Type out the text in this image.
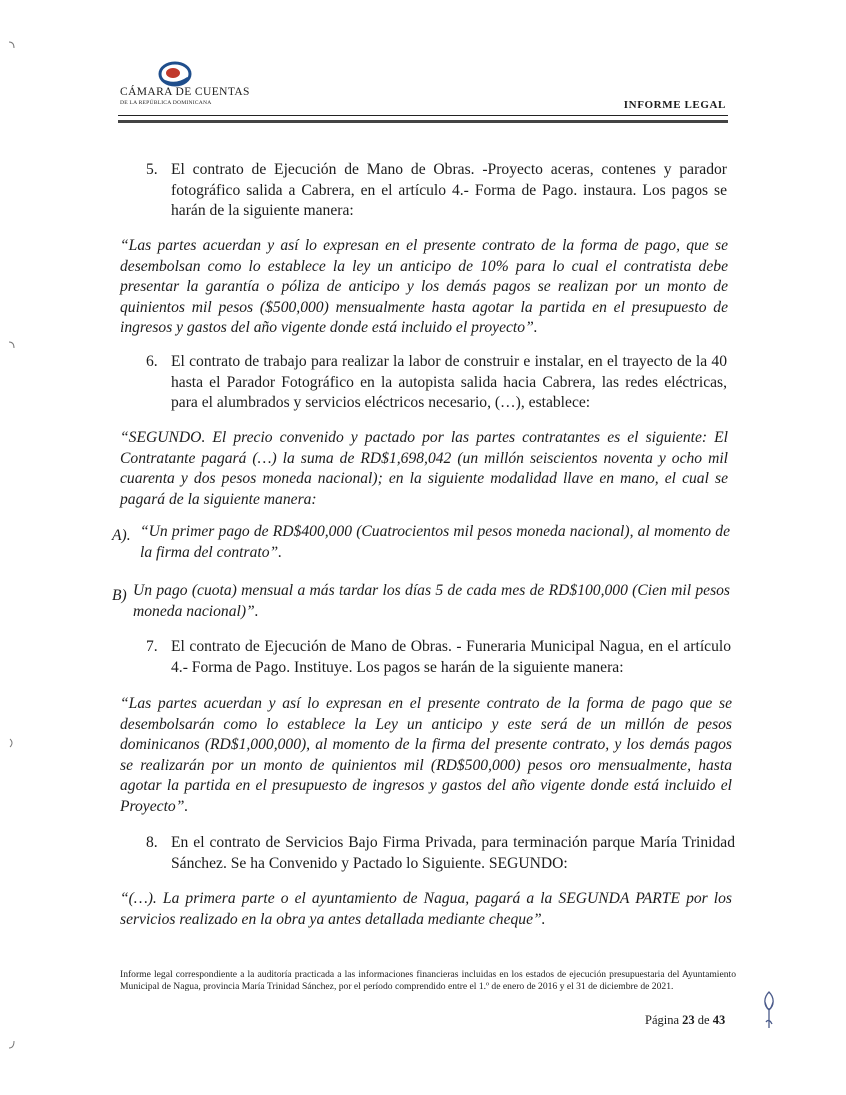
CÁMARA DE CUENTAS
DE LA REPÚBLICA DOMINICANA	INFORME LEGAL
5. El contrato de Ejecución de Mano de Obras. -Proyecto aceras, contenes y parador fotográfico salida a Cabrera, en el artículo 4.- Forma de Pago. instaura. Los pagos se harán de la siguiente manera:
“Las partes acuerdan y así lo expresan en el presente contrato de la forma de pago, que se desembolsan como lo establece la ley un anticipo de 10% para lo cual el contratista debe presentar la garantía o póliza de anticipo y los demás pagos se realizan por un monto de quinientos mil pesos ($500,000) mensualmente hasta agotar la partida en el presupuesto de ingresos y gastos del año vigente donde está incluido el proyecto”.
6. El contrato de trabajo para realizar la labor de construir e instalar, en el trayecto de la 40 hasta el Parador Fotográfico en la autopista salida hacia Cabrera, las redes eléctricas, para el alumbrados y servicios eléctricos necesario, (…), establece:
“SEGUNDO. El precio convenido y pactado por las partes contratantes es el siguiente: El Contratante pagará (…) la suma de RD$1,698,042 (un millón seiscientos noventa y ocho mil cuarenta y dos pesos moneda nacional); en la siguiente modalidad llave en mano, el cual se pagará de la siguiente manera:
A). “Un primer pago de RD$400,000 (Cuatrocientos mil pesos moneda nacional), al momento de la firma del contrato”.
B) Un pago (cuota) mensual a más tardar los días 5 de cada mes de RD$100,000 (Cien mil pesos moneda nacional)”.
7. El contrato de Ejecución de Mano de Obras. - Funeraria Municipal Nagua, en el artículo 4.- Forma de Pago. Instituye. Los pagos se harán de la siguiente manera:
“Las partes acuerdan y así lo expresan en el presente contrato de la forma de pago que se desembolsarán como lo establece la Ley un anticipo y este será de un millón de pesos dominicanos (RD$1,000,000), al momento de la firma del presente contrato, y los demás pagos se realizarán por un monto de quinientos mil (RD$500,000) pesos oro mensualmente, hasta agotar la partida en el presupuesto de ingresos y gastos del año vigente donde está incluido el Proyecto”.
8. En el contrato de Servicios Bajo Firma Privada, para terminación parque María Trinidad Sánchez. Se ha Convenido y Pactado lo Siguiente. SEGUNDO:
“(…). La primera parte o el ayuntamiento de Nagua, pagará a la SEGUNDA PARTE por los servicios realizado en la obra ya antes detallada mediante cheque”.
Informe legal correspondiente a la auditoría practicada a las informaciones financieras incluidas en los estados de ejecución presupuestaria del Ayuntamiento Municipal de Nagua, provincia María Trinidad Sánchez, por el período comprendido entre el 1.º de enero de 2016 y el 31 de diciembre de 2021.
Página 23 de 43
